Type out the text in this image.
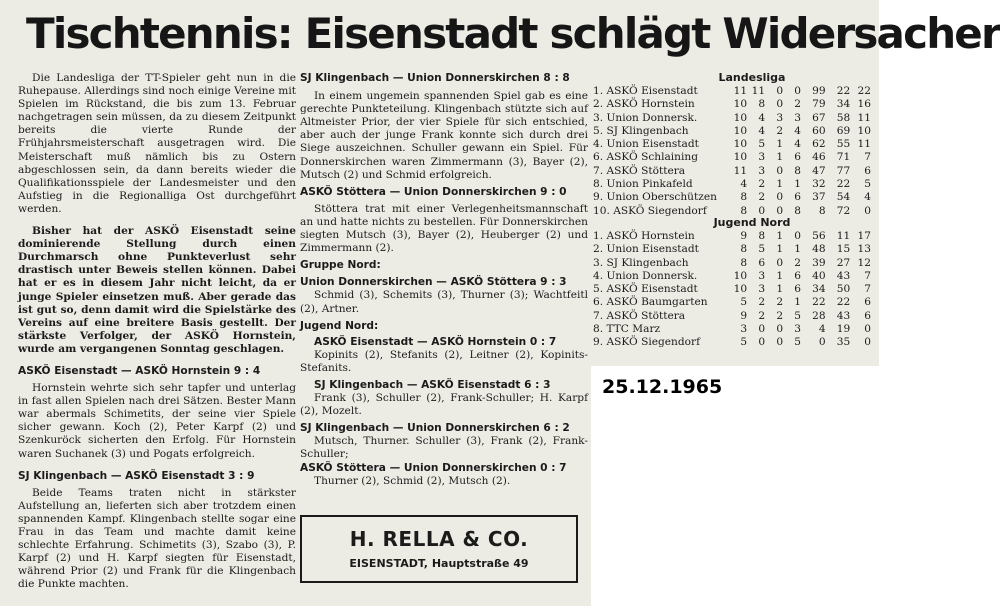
Tischtennis: Eisenstadt schlägt Widersacher

Die Landesliga der TT-Spieler geht nun in die Ruhepause. Allerdings sind noch einige Vereine mit Spielen im Rückstand, die bis zum 13. Februar nachgetragen sein müssen, da zu diesem Zeitpunkt bereits die vierte Runde der Frühjahrsmeisterschaft ausgetragen wird. Die Meisterschaft muß nämlich bis zu Ostern abgeschlossen sein, da dann bereits wieder die Qualifikationsspiele der Landesmeister und den Aufstieg in die Regionalliga Ost durchgeführt werden.

Bisher hat der ASKÖ Eisenstadt seine dominierende Stellung durch einen Durchmarsch ohne Punkteverlust sehr drastisch unter Beweis stellen können. Dabei hat er es in diesem Jahr nicht leicht, da er junge Spieler einsetzen muß. Aber gerade das ist gut so, denn damit wird die Spielstärke des Vereins auf eine breitere Basis gestellt. Der stärkste Verfolger, der ASKÖ Hornstein, wurde am vergangenen Sonntag geschlagen.

ASKÖ Eisenstadt — ASKÖ Hornstein 9 : 4

Hornstein wehrte sich sehr tapfer und unterlag in fast allen Spielen nach drei Sätzen. Bester Mann war abermals Schimetits, der seine vier Spiele sicher gewann. Koch (2), Peter Karpf (2) und Szenkuröck sicherten den Erfolg. Für Hornstein waren Suchanek (3) und Pogats erfolgreich.

SJ Klingenbach — ASKÖ Eisenstadt 3 : 9

Beide Teams traten nicht in stärkster Aufstellung an, lieferten sich aber trotzdem einen spannenden Kampf. Klingenbach stellte sogar eine Frau in das Team und machte damit keine schlechte Erfahrung. Schimetits (3), Szabo (3), P. Karpf (2) und H. Karpf siegten für Eisenstadt, während Prior (2) und Frank für die Klingenbach die Punkte machten.

SJ Klingenbach — Union Donnerskirchen 8 : 8

In einem ungemein spannenden Spiel gab es eine gerechte Punkteteilung. Klingenbach stützte sich auf Altmeister Prior, der vier Spiele für sich entschied, aber auch der junge Frank konnte sich durch drei Siege auszeichnen. Schuller gewann ein Spiel. Für Donnerskirchen waren Zimmermann (3), Bayer (2), Mutsch (2) und Schmid erfolgreich.

ASKÖ Stöttera — Union Donnerskirchen 9 : 0

Stöttera trat mit einer Verlegenheitsmannschaft an und hatte nichts zu bestellen. Für Donnerskirchen siegten Mutsch (3), Bayer (2), Heuberger (2) und Zimmermann (2).

Gruppe Nord:

Union Donnerskirchen — ASKÖ Stöttera 9 : 3

Schmid (3), Schemits (3), Thurner (3); Wachtfeitl (2), Artner.

Jugend Nord:

ASKÖ Eisenstadt — ASKÖ Hornstein 0 : 7

Kopinits (2), Stefanits (2), Leitner (2), Kopinits-Stefanits.

SJ Klingenbach — ASKÖ Eisenstadt 6 : 3

Frank (3), Schuller (2), Frank-Schuller; H. Karpf (2), Mozelt.

SJ Klingenbach — Union Donnerskirchen 6 : 2

Mutsch, Thurner. Schuller (3), Frank (2), Frank-Schuller;

ASKÖ Stöttera — Union Donnerskirchen 0 : 7

Thurner (2), Schmid (2), Mutsch (2).

H. RELLA & CO.
EISENSTADT, Hauptstraße 49
Landesliga
1. ASKÖ Eisenstadt	11 11	0	0	99	22 22
2. ASKÖ Hornstein	10	8	0	2	79	34 16
3. Union Donnersk.	10	4	3	3	67	58 11
5. SJ Klingenbach	10	4	2	4	60	69 10
4. Union Eisenstadt	10	5	1	4	62	55 11
6. ASKÖ Schlaining	10	3	1	6	46	71	7
7. ASKÖ Stöttera	11	3	0	8	47	77	6
8. Union Pinkafeld	4	2	1	1	32	22	5
9. Union Oberschützen	8	2	0	6	37	54	4
10. ASKÖ Siegendorf	8	0	0	8	8	72	0
Jugend Nord
1. ASKÖ Hornstein	9	8	1	0	56	11 17
2. Union Eisenstadt	8	5	1	1	48	15 13
3. SJ Klingenbach	8	6	0	2	39	27 12
4. Union Donnersk.	10	3	1	6	40	43	7
5. ASKÖ Eisenstadt	10	3	1	6	34	50	7
6. ASKÖ Baumgarten	5	2	2	1	22	22	6
7. ASKÖ Stöttera	9	2	2	5	28	43	6
8. TTC Marz	3	0	0	3	4	19	0
9. ASKÖ Siegendorf	5	0	0	5	0	35	0
25.12.1965
